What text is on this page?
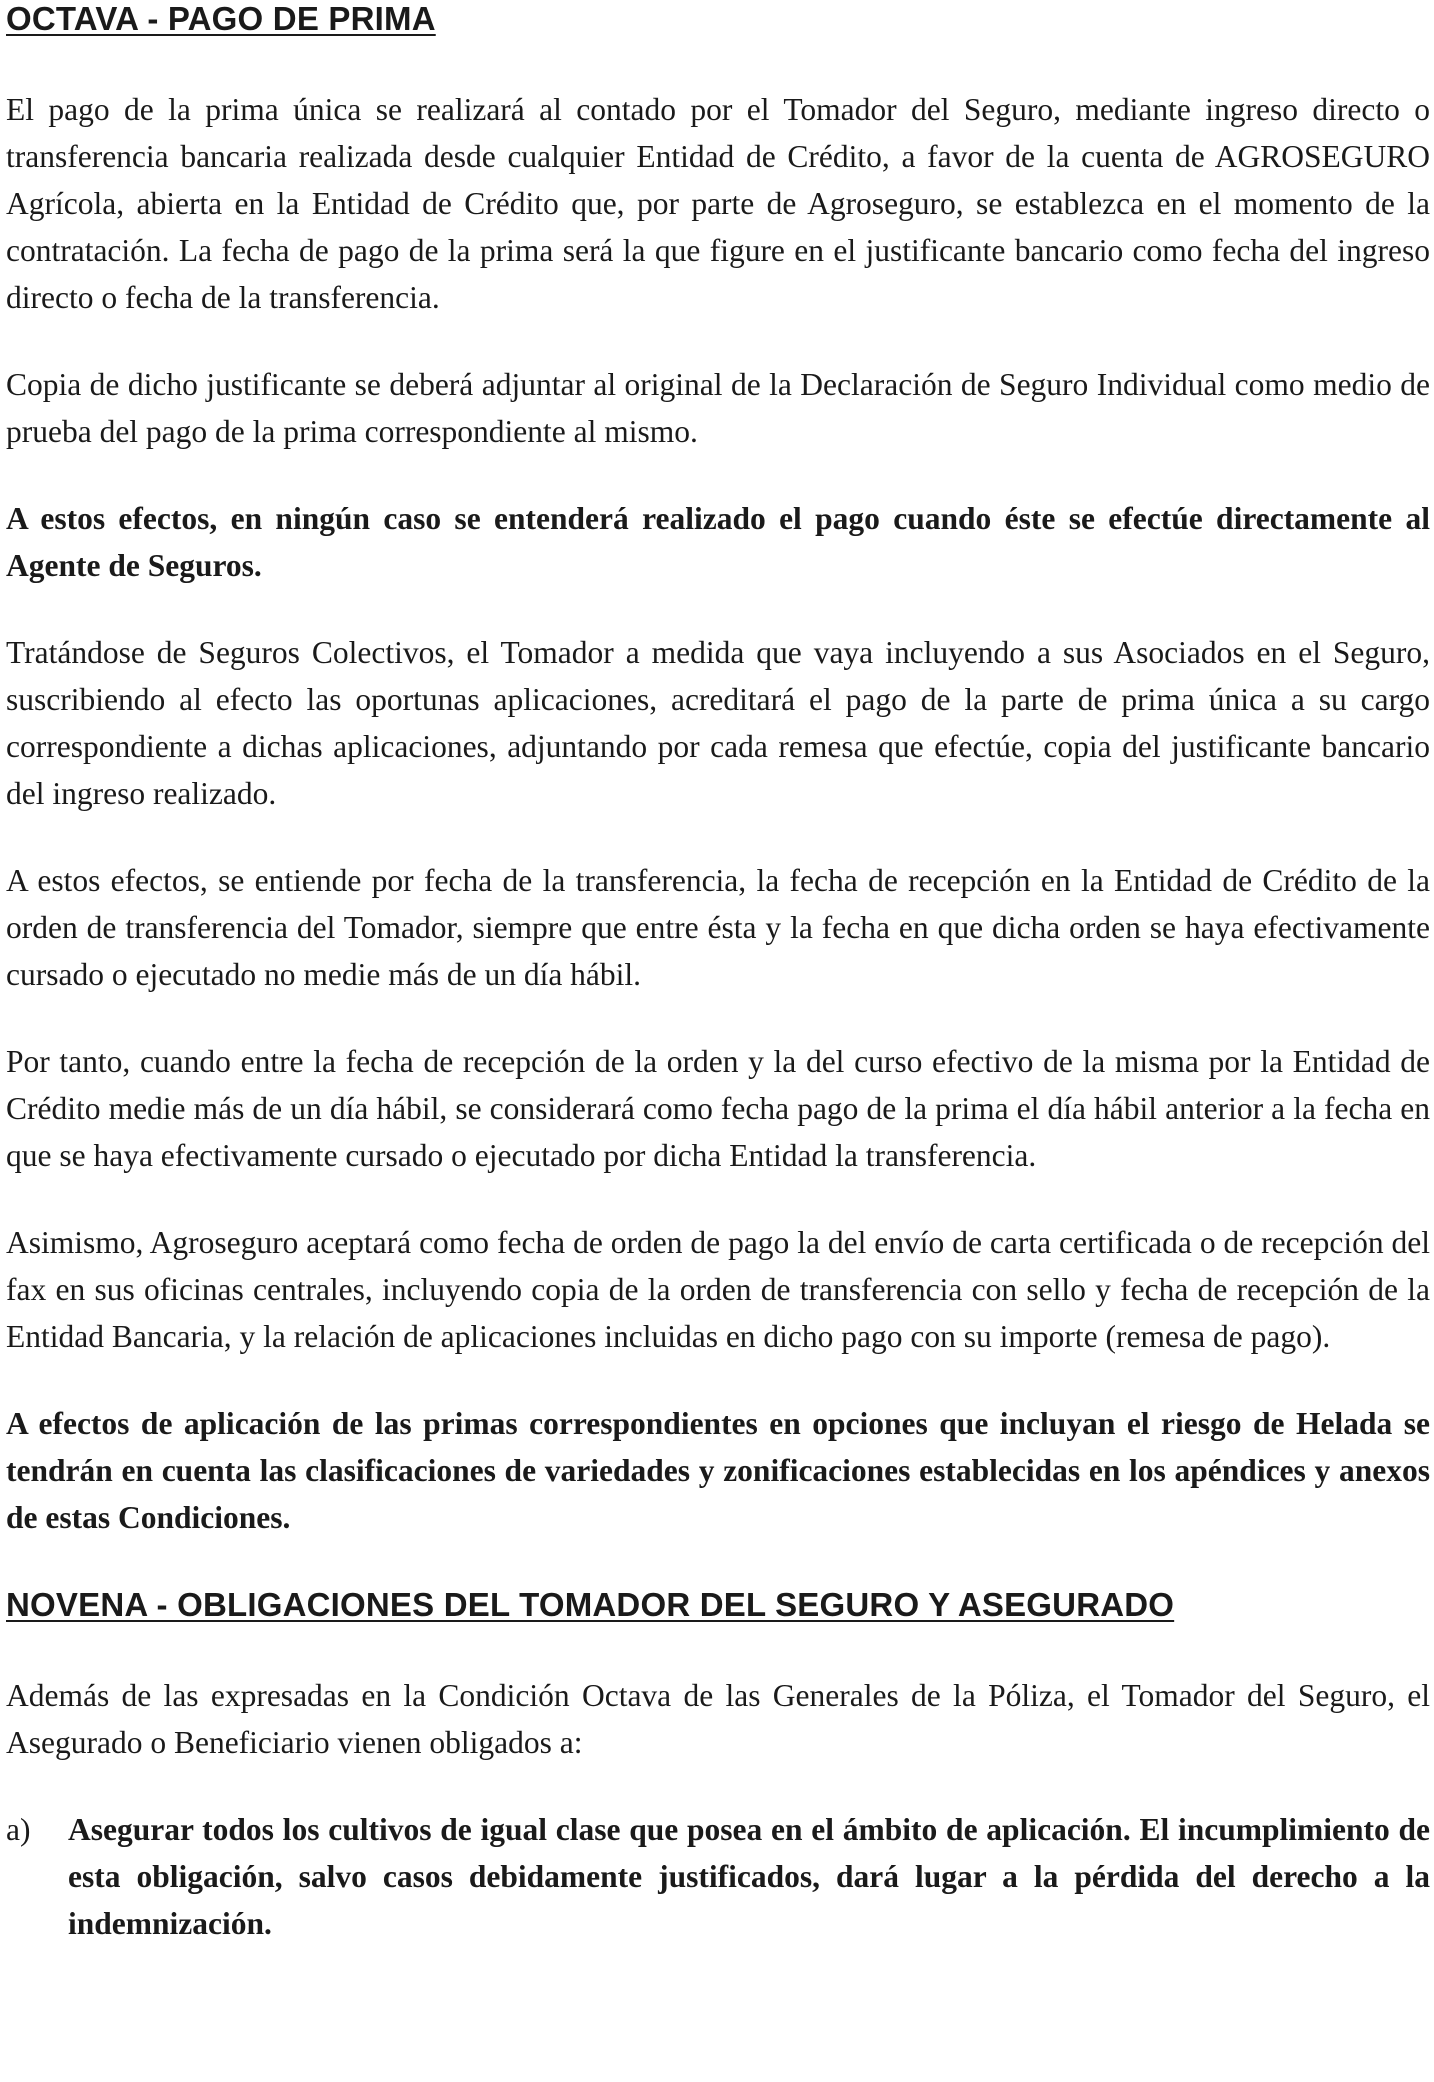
OCTAVA - PAGO DE PRIMA

El pago de la prima única se realizará al contado por el Tomador del Seguro, mediante ingreso directo o transferencia bancaria realizada desde cualquier Entidad de Crédito, a favor de la cuenta de AGROSEGURO Agrícola, abierta en la Entidad de Crédito que, por parte de Agroseguro, se establezca en el momento de la contratación. La fecha de pago de la prima será la que figure en el justificante bancario como fecha del ingreso directo o fecha de la transferencia.

Copia de dicho justificante se deberá adjuntar al original de la Declaración de Seguro Individual como medio de prueba del pago de la prima correspondiente al mismo.

A estos efectos, en ningún caso se entenderá realizado el pago cuando éste se efectúe directamente al Agente de Seguros.

Tratándose de Seguros Colectivos, el Tomador a medida que vaya incluyendo a sus Asociados en el Seguro, suscribiendo al efecto las oportunas aplicaciones, acreditará el pago de la parte de prima única a su cargo correspondiente a dichas aplicaciones, adjuntando por cada remesa que efectúe, copia del justificante bancario del ingreso realizado.

A estos efectos, se entiende por fecha de la transferencia, la fecha de recepción en la Entidad de Crédito de la orden de transferencia del Tomador, siempre que entre ésta y la fecha en que dicha orden se haya efectivamente cursado o ejecutado no medie más de un día hábil.

Por tanto, cuando entre la fecha de recepción de la orden y la del curso efectivo de la misma por la Entidad de Crédito medie más de un día hábil, se considerará como fecha pago de la prima el día hábil anterior a la fecha en que se haya efectivamente cursado o ejecutado por dicha Entidad la transferencia.

Asimismo, Agroseguro aceptará como fecha de orden de pago la del envío de carta certificada o de recepción del fax en sus oficinas centrales, incluyendo copia de la orden de transferencia con sello y fecha de recepción de la Entidad Bancaria, y la relación de aplicaciones incluidas en dicho pago con su importe (remesa de pago).

A efectos de aplicación de las primas correspondientes en opciones que incluyan el riesgo de Helada se tendrán en cuenta las clasificaciones de variedades y zonificaciones establecidas en los apéndices y anexos de estas Condiciones.

NOVENA - OBLIGACIONES DEL TOMADOR DEL SEGURO Y ASEGURADO

Además de las expresadas en la Condición Octava de las Generales de la Póliza, el Tomador del Seguro, el Asegurado o Beneficiario vienen obligados a:

a)	Asegurar todos los cultivos de igual clase que posea en el ámbito de aplicación. El incumplimiento de esta obligación, salvo casos debidamente justificados, dará lugar a la pérdida del derecho a la indemnización.
